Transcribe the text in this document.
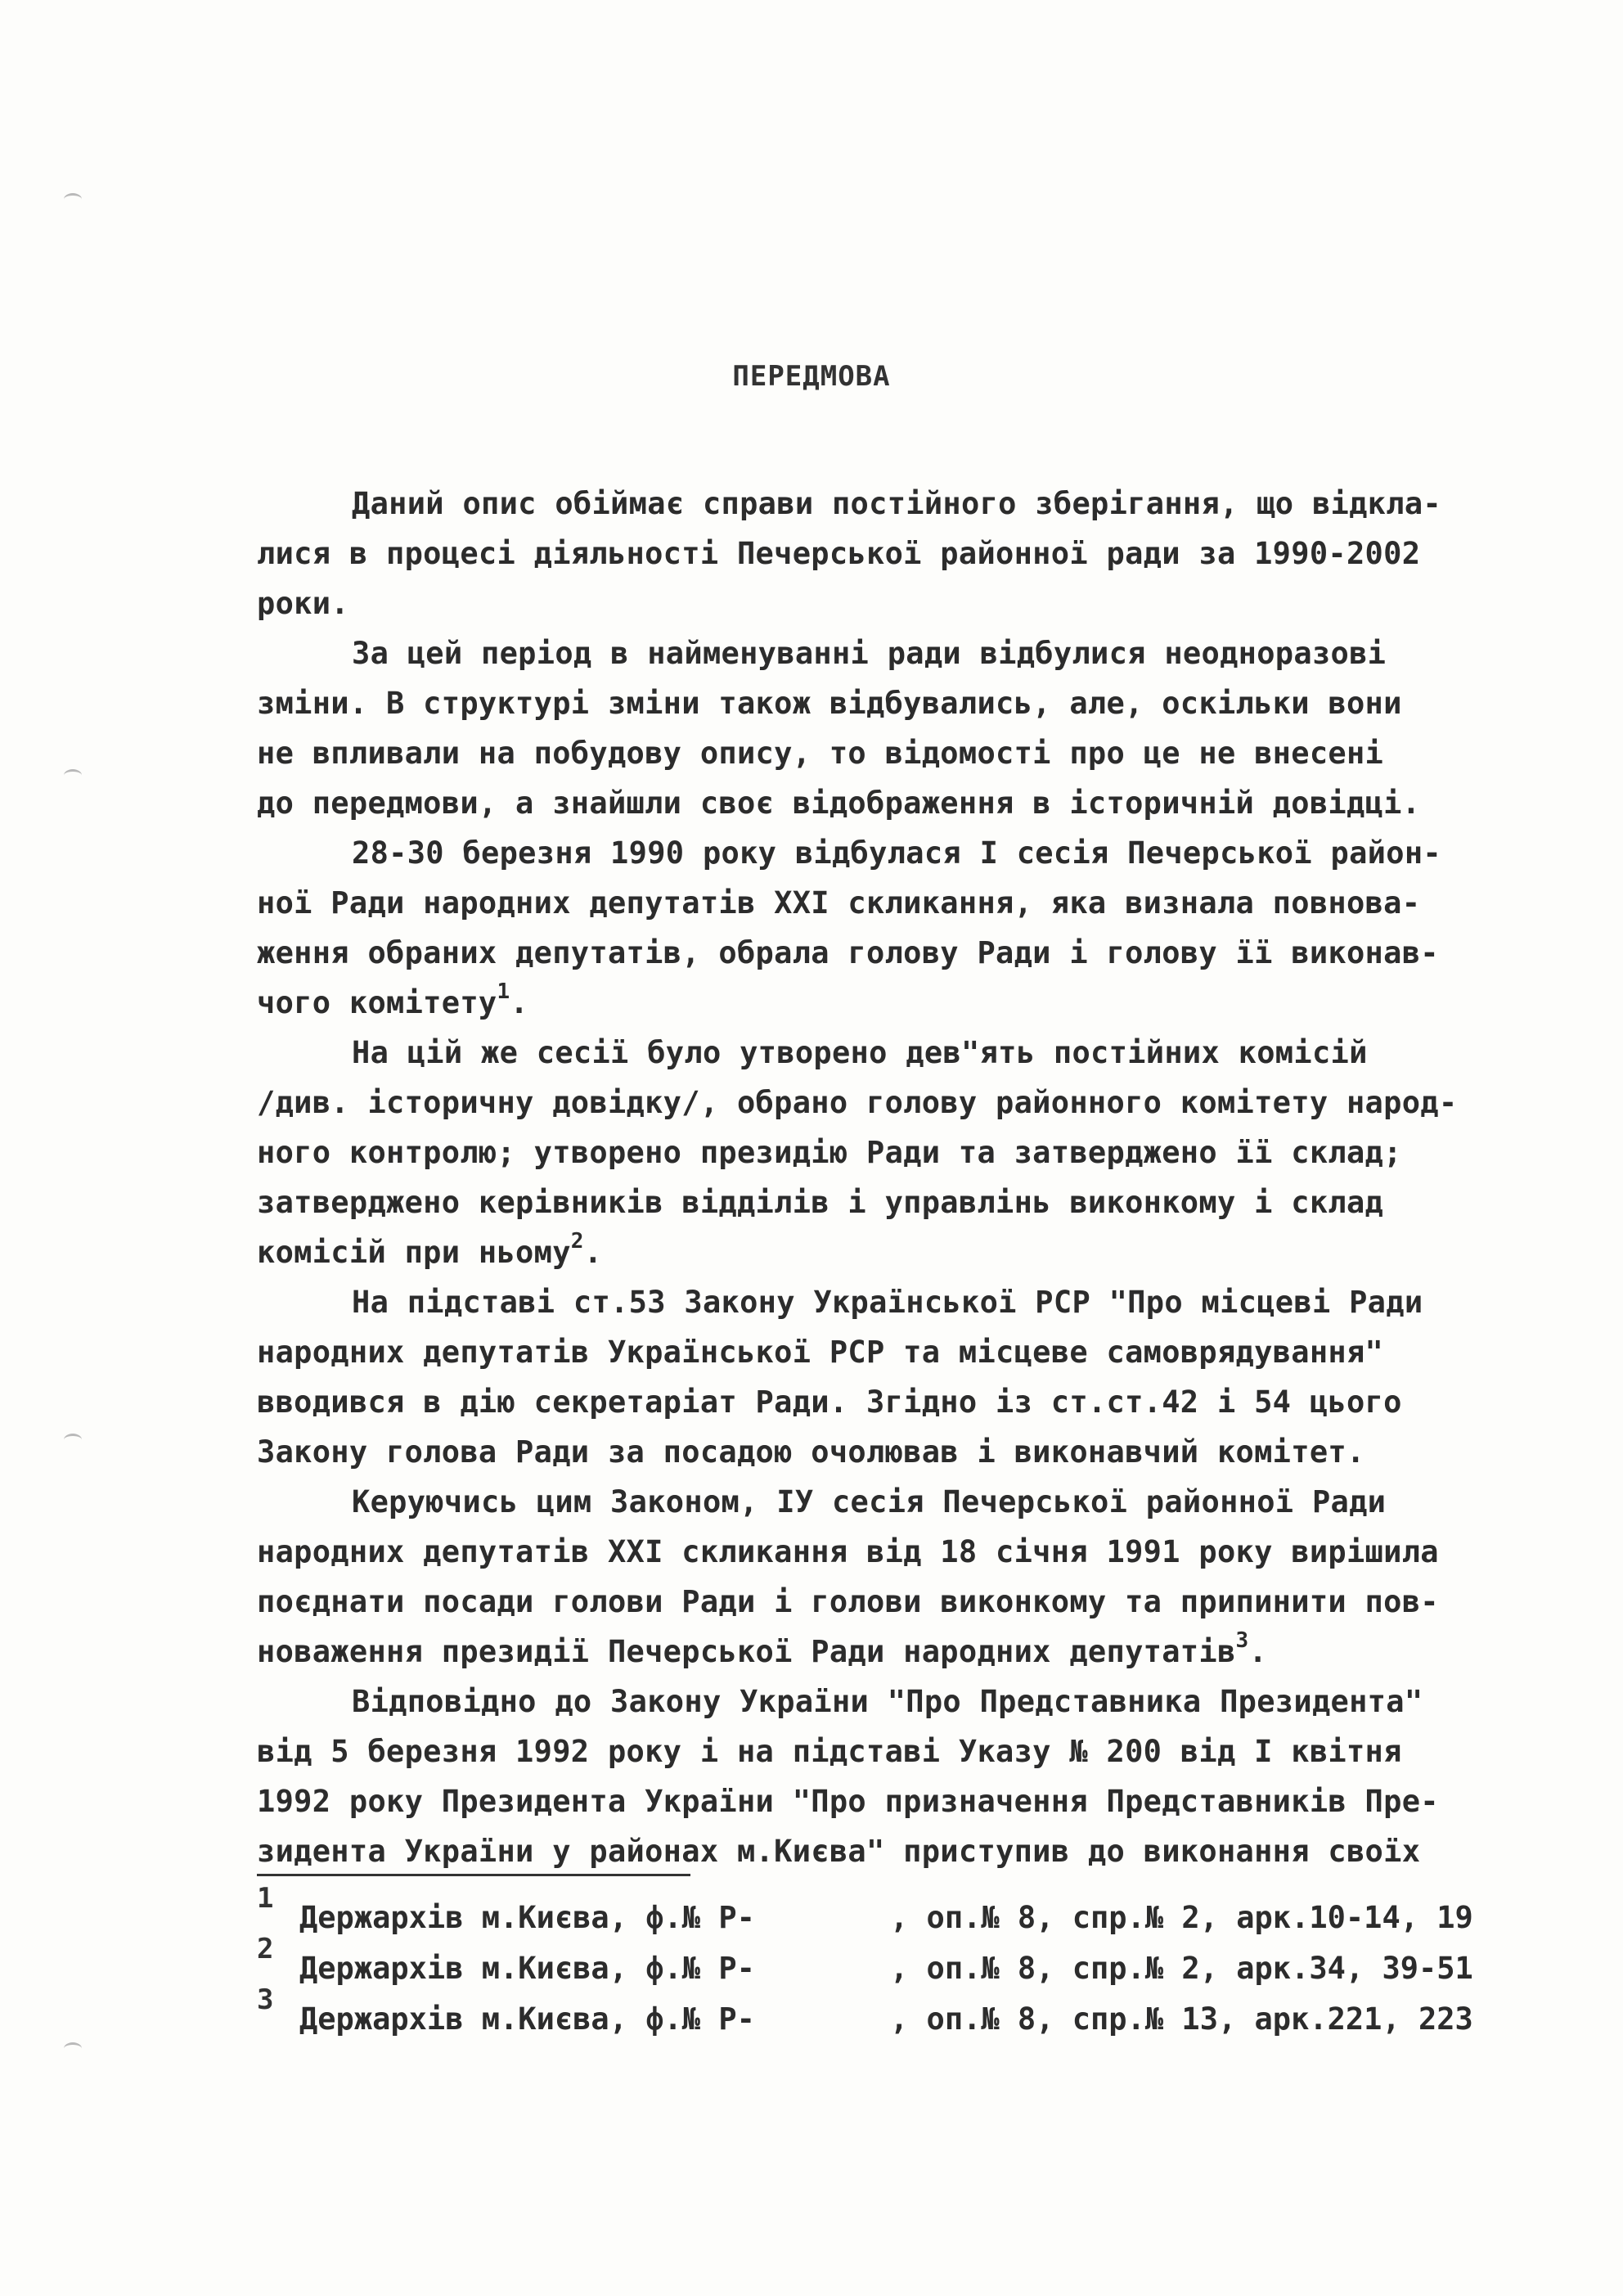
ПЕРЕДМОВА
Даний опис обіймає справи постійного зберігання, що відкла-
лися в процесі діяльності Печерської районної ради за 1990-2002
роки.
За цей період в найменуванні ради відбулися неодноразові
зміни. В структурі зміни також відбувались, але, оскільки вони
не впливали на побудову опису, то відомості про це не внесені
до передмови, а знайшли своє відображення в історичній довідці.
28-30 березня 1990 року відбулася І сесія Печерської район-
ної Ради народних депутатів XXI скликання, яка визнала повнова-
ження обраних депутатів, обрала голову Ради і голову її виконав-
чого комітету$^1$.
На цій же сесії було утворено дев"ять постійних комісій
/див. історичну довідку/, обрано голову районного комітету народ-
ного контролю; утворено президію Ради та затверджено її склад;
затверджено керівників відділів і управлінь виконкому і склад
комісій при ньому$^2$.
На підставі ст.53 Закону Української РСР "Про місцеві Ради
народних депутатів Української РСР та місцеве самоврядування"
вводився в дію секретаріат Ради. Згідно із ст.ст.42 і 54 цього
Закону голова Ради за посадою очолював і виконавчий комітет.
Керуючись цим Законом, ІУ сесія Печерської районної Ради
народних депутатів XXI скликання від 18 січня 1991 року вирішила
поєднати посади голови Ради і голови виконкому та припинити пов-
новаження президії Печерської Ради народних депутатів$^3$.
Відповідно до Закону України "Про Представника Президента"
від 5 березня 1992 року і на підставі Указу № 200 від І квітня
1992 року Президента України "Про призначення Представників Пре-
зидента України у районах м.Києва" приступив до виконання своїх
1
Держархів м.Києва, ф.№ Р-	, оп.№ 8, спр.№ 2, арк.10-14, 19
2
Держархів м.Києва, ф.№ Р-	, оп.№ 8, спр.№ 2, арк.34, 39-51
3
Держархів м.Києва, ф.№ Р-	, оп.№ 8, спр.№ 13, арк.221, 223
